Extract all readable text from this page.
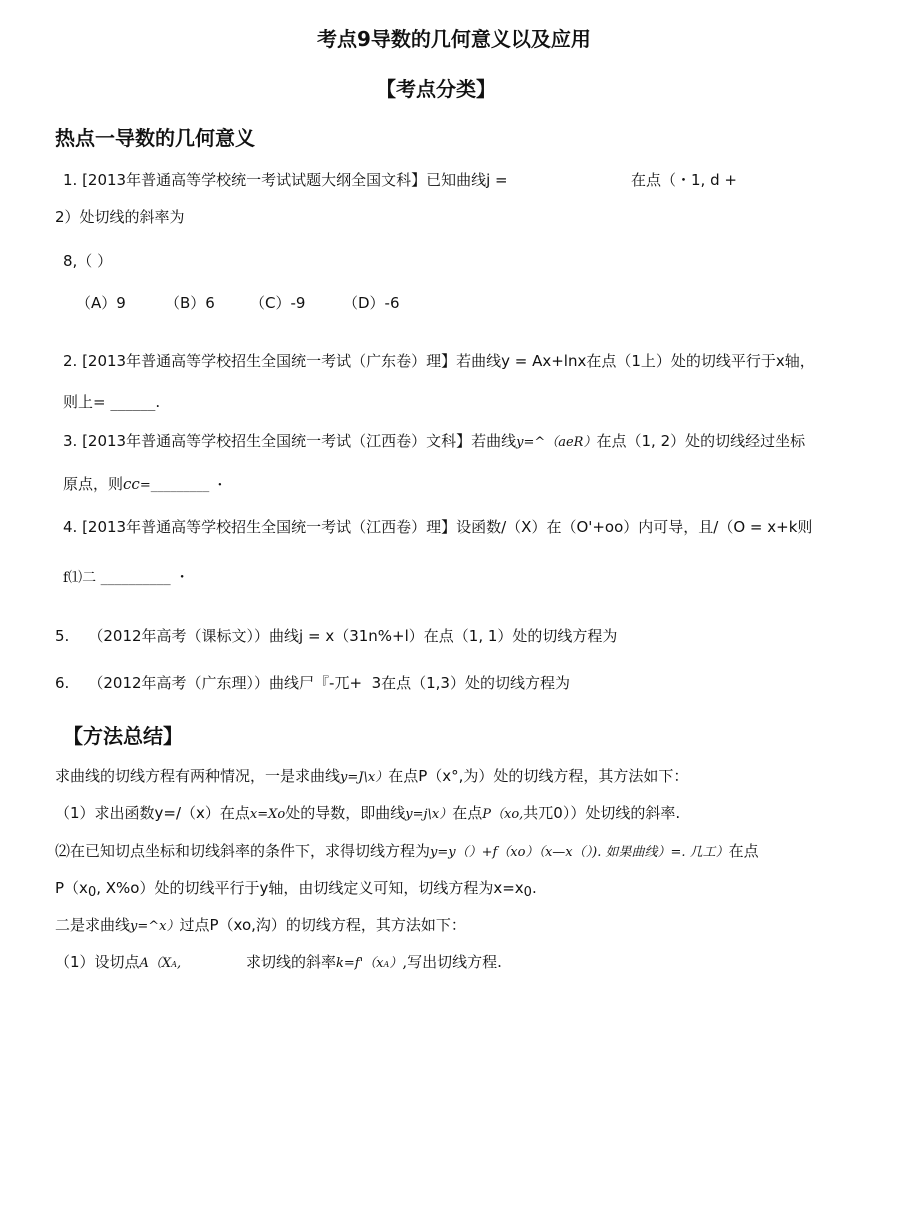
考点9导数的几何意义以及应用
【考点分类】
热点一导数的几何意义
1. [2013年普通高等学校统一考试试题大纲全国文科】已知曲线j =	在点（・1, d +
2）处切线的斜率为
8,（ ）
（A）9	（B）6 （C）-9	（D）-6
2. [2013年普通高等学校招生全国统一考试（广东卷）理】若曲线y = Ax+lnx在点（1上）处的切线平行于x轴，
则上= ______.
3. [2013年普通高等学校招生全国统一考试（江西卷）文科】若曲线y=^（aeR）在点（1, 2）处的切线经过坐标
原点，则cc=_________ ・
4. [2013年普通高等学校招生全国统一考试（江西卷）理】设函数/（X）在（O'+oo）内可导，且/（O = x+k则
f⑴二 __________ ・
5.    （2012年高考（课标文））曲线j = x（31n%+l）在点（1, 1）处的切线方程为
6.    （2012年高考（广东理））曲线尸『-兀+  3在点（1,3）处的切线方程为
【方法总结】
求曲线的切线方程有两种情况，一是求曲线y=J\x）在点P（x°,为）处的切线方程，其方法如下：
（1）求出函数y=/（x）在点x=Xo处的导数，即曲线y=j\x）在点P（xo,共兀0））处切线的斜率.
⑵在已知切点坐标和切线斜率的条件下，求得切线方程为y=y（）+f（xo）（x—x（）). 如果曲线）=. 几工）在点
P（x0, X%o）处的切线平行于y轴，由切线定义可知，切线方程为x=x0.
二是求曲线y=^x）过点P（xo,沟）的切线方程，其方法如下：
（1）设切点A（XA,	求切线的斜率k=f'（xA）,写出切线方程.
